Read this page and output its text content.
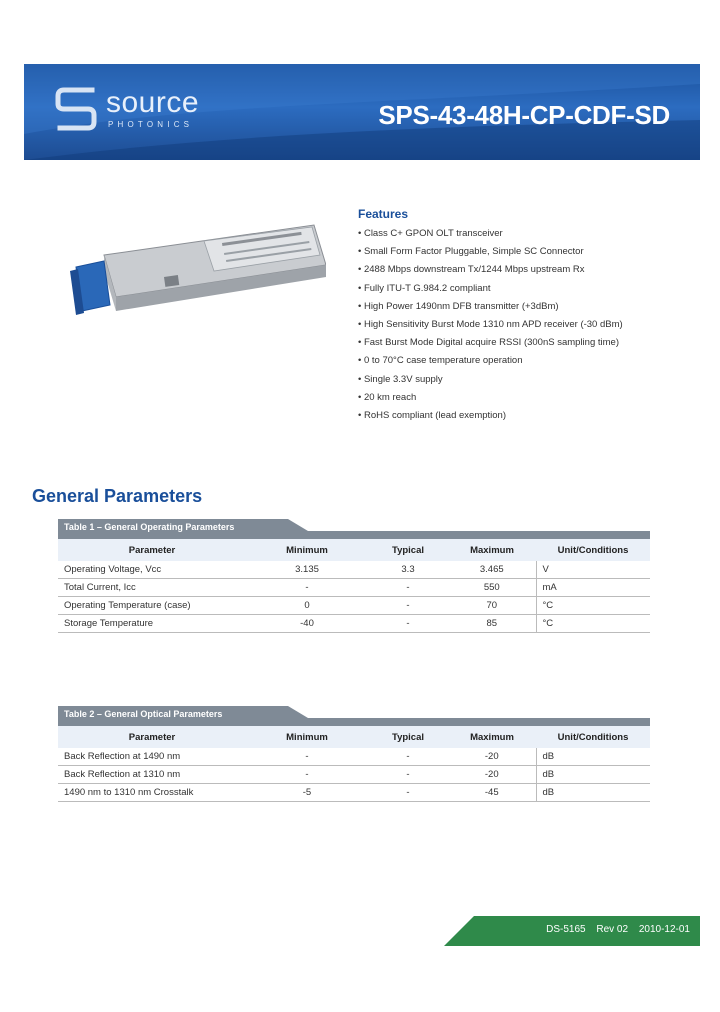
source
PHOTONICS	SPS-43-48H-CP-CDF-SD
Features
• Class C+ GPON OLT transceiver
• Small Form Factor Pluggable, Simple SC Connector
• 2488 Mbps downstream Tx/1244 Mbps upstream Rx
• Fully ITU-T G.984.2 compliant
• High Power 1490nm DFB transmitter (+3dBm)
• High Sensitivity Burst Mode 1310 nm APD receiver (-30 dBm)
• Fast Burst Mode Digital acquire RSSI (300nS sampling time)
• 0 to 70°C case temperature operation
• Single 3.3V supply
• 20 km reach
• RoHS compliant (lead exemption)
General Parameters
Table 1 – General Operating Parameters
Parameter	Minimum	Typical	Maximum	Unit/Conditions
Operating Voltage, Vcc	3.135	3.3	3.465	V
Total Current, Icc	-	-	550	mA
Operating Temperature (case)	0	-	70	°C
Storage Temperature	-40	-	85	°C
Table 2 – General Optical Parameters
Parameter	Minimum	Typical	Maximum	Unit/Conditions
Back Reflection at 1490 nm	-	-	-20	dB
Back Reflection at 1310 nm	-	-	-20	dB
1490 nm to 1310 nm Crosstalk	-5	-	-45	dB
DS-5165 Rev 02 2010-12-01
